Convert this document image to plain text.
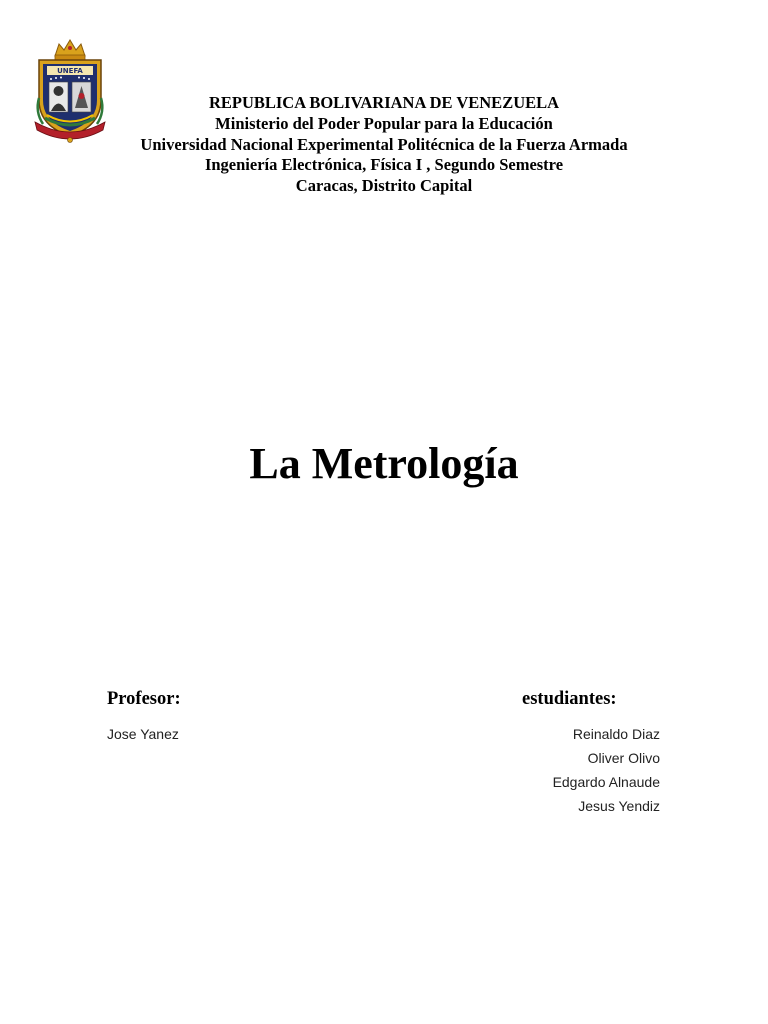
UNEFA
REPUBLICA BOLIVARIANA DE VENEZUELA
Ministerio del Poder Popular para la Educación
Universidad Nacional Experimental Politécnica de la Fuerza Armada
Ingeniería Electrónica, Física I , Segundo Semestre
Caracas, Distrito Capital
La Metrología
Profesor:
Jose Yanez
estudiantes:
Reinaldo Diaz
Oliver Olivo
Edgardo Alnaude
Jesus Yendiz
